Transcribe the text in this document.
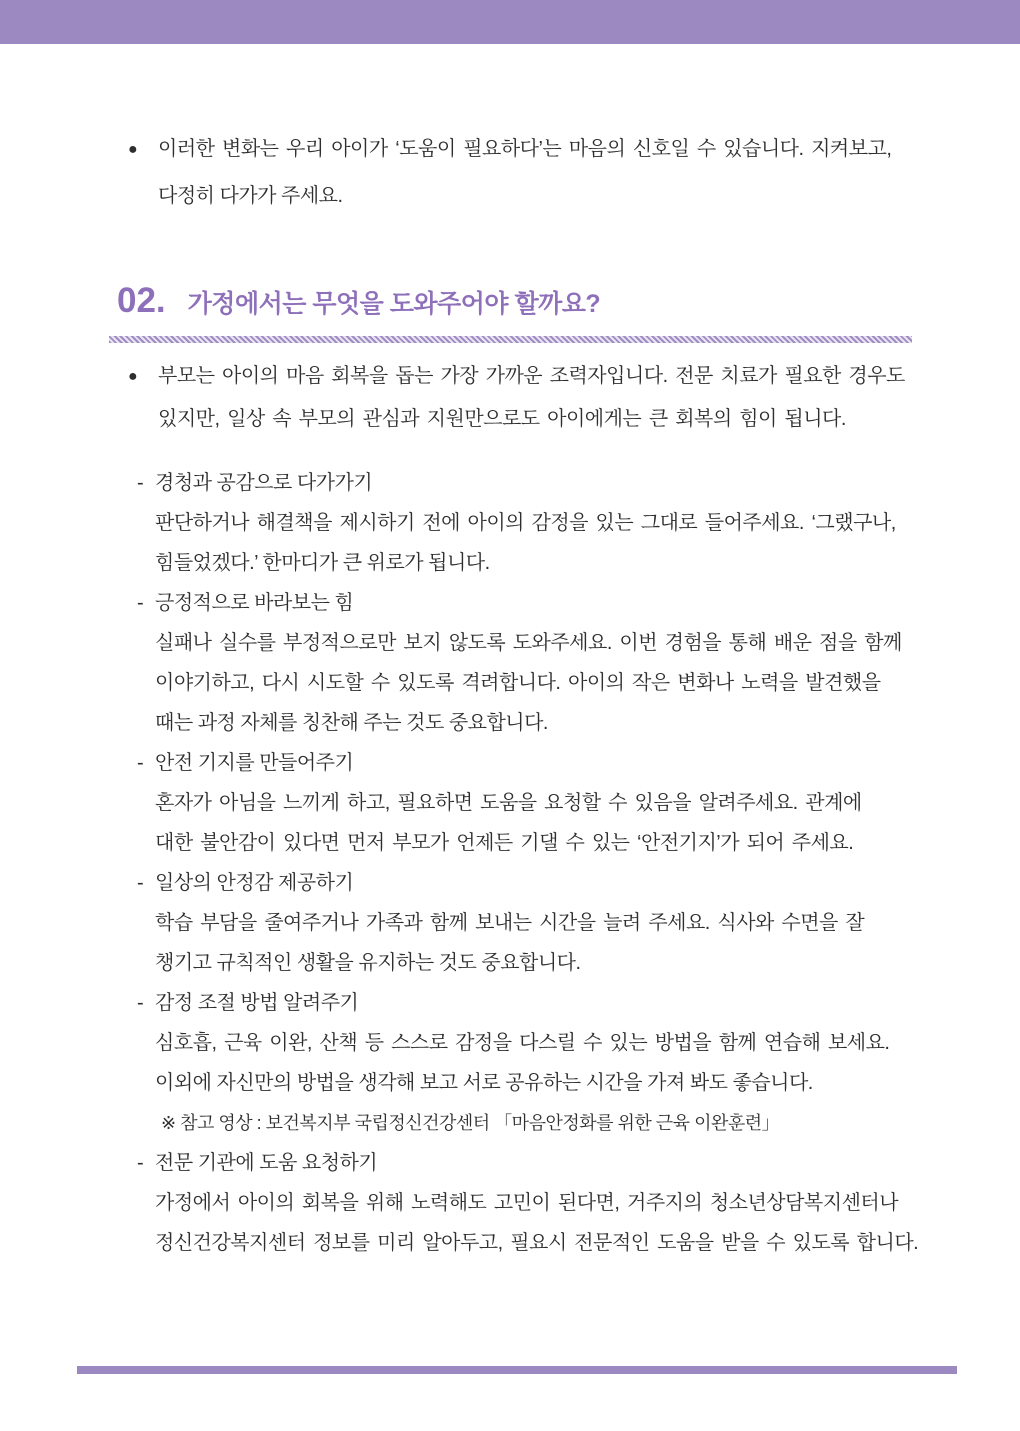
● 이러한 변화는 우리 아이가 ‘도움이 필요하다’는 마음의 신호일 수 있습니다. 지켜보고,
다정히 다가가 주세요.
02. 가정에서는 무엇을 도와주어야 할까요?
● 부모는 아이의 마음 회복을 돕는 가장 가까운 조력자입니다. 전문 치료가 필요한 경우도
있지만, 일상 속 부모의 관심과 지원만으로도 아이에게는 큰 회복의 힘이 됩니다.
- 경청과 공감으로 다가가기
판단하거나 해결책을 제시하기 전에 아이의 감정을 있는 그대로 들어주세요. ‘그랬구나,
힘들었겠다.’ 한마디가 큰 위로가 됩니다.
- 긍정적으로 바라보는 힘
실패나 실수를 부정적으로만 보지 않도록 도와주세요. 이번 경험을 통해 배운 점을 함께
이야기하고, 다시 시도할 수 있도록 격려합니다. 아이의 작은 변화나 노력을 발견했을
때는 과정 자체를 칭찬해 주는 것도 중요합니다.
- 안전 기지를 만들어주기
혼자가 아님을 느끼게 하고, 필요하면 도움을 요청할 수 있음을 알려주세요. 관계에
대한 불안감이 있다면 먼저 부모가 언제든 기댈 수 있는 ‘안전기지’가 되어 주세요.
- 일상의 안정감 제공하기
학습 부담을 줄여주거나 가족과 함께 보내는 시간을 늘려 주세요. 식사와 수면을 잘
챙기고 규칙적인 생활을 유지하는 것도 중요합니다.
- 감정 조절 방법 알려주기
심호흡, 근육 이완, 산책 등 스스로 감정을 다스릴 수 있는 방법을 함께 연습해 보세요.
이외에 자신만의 방법을 생각해 보고 서로 공유하는 시간을 가져 봐도 좋습니다.
※ 참고 영상 : 보건복지부 국립정신건강센터 「마음안정화를 위한 근육 이완훈련」
- 전문 기관에 도움 요청하기
가정에서 아이의 회복을 위해 노력해도 고민이 된다면, 거주지의 청소년상담복지센터나
정신건강복지센터 정보를 미리 알아두고, 필요시 전문적인 도움을 받을 수 있도록 합니다.
